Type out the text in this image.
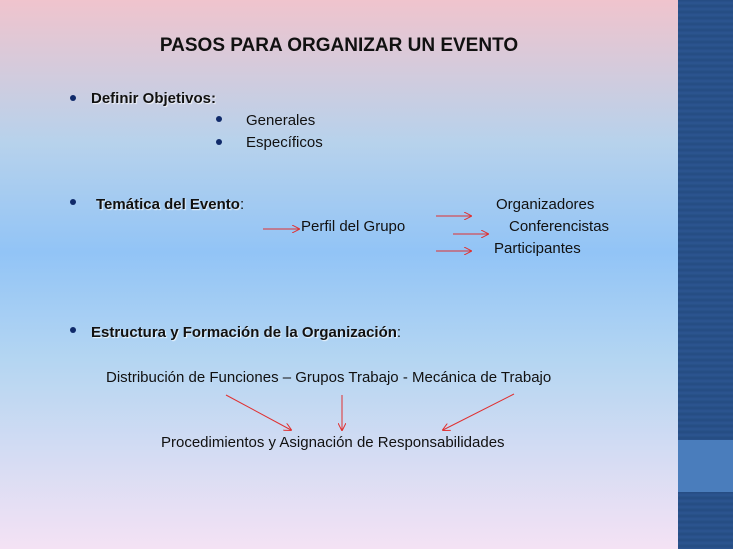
PASOS PARA ORGANIZAR UN EVENTO
Definir Objetivos:
Generales
Específicos
Temática del Evento:
Perfil del Grupo
Organizadores
Conferencistas
Participantes
Estructura y Formación de la Organización:
Distribución de Funciones – Grupos Trabajo - Mecánica de Trabajo
Procedimientos y Asignación de Responsabilidades
